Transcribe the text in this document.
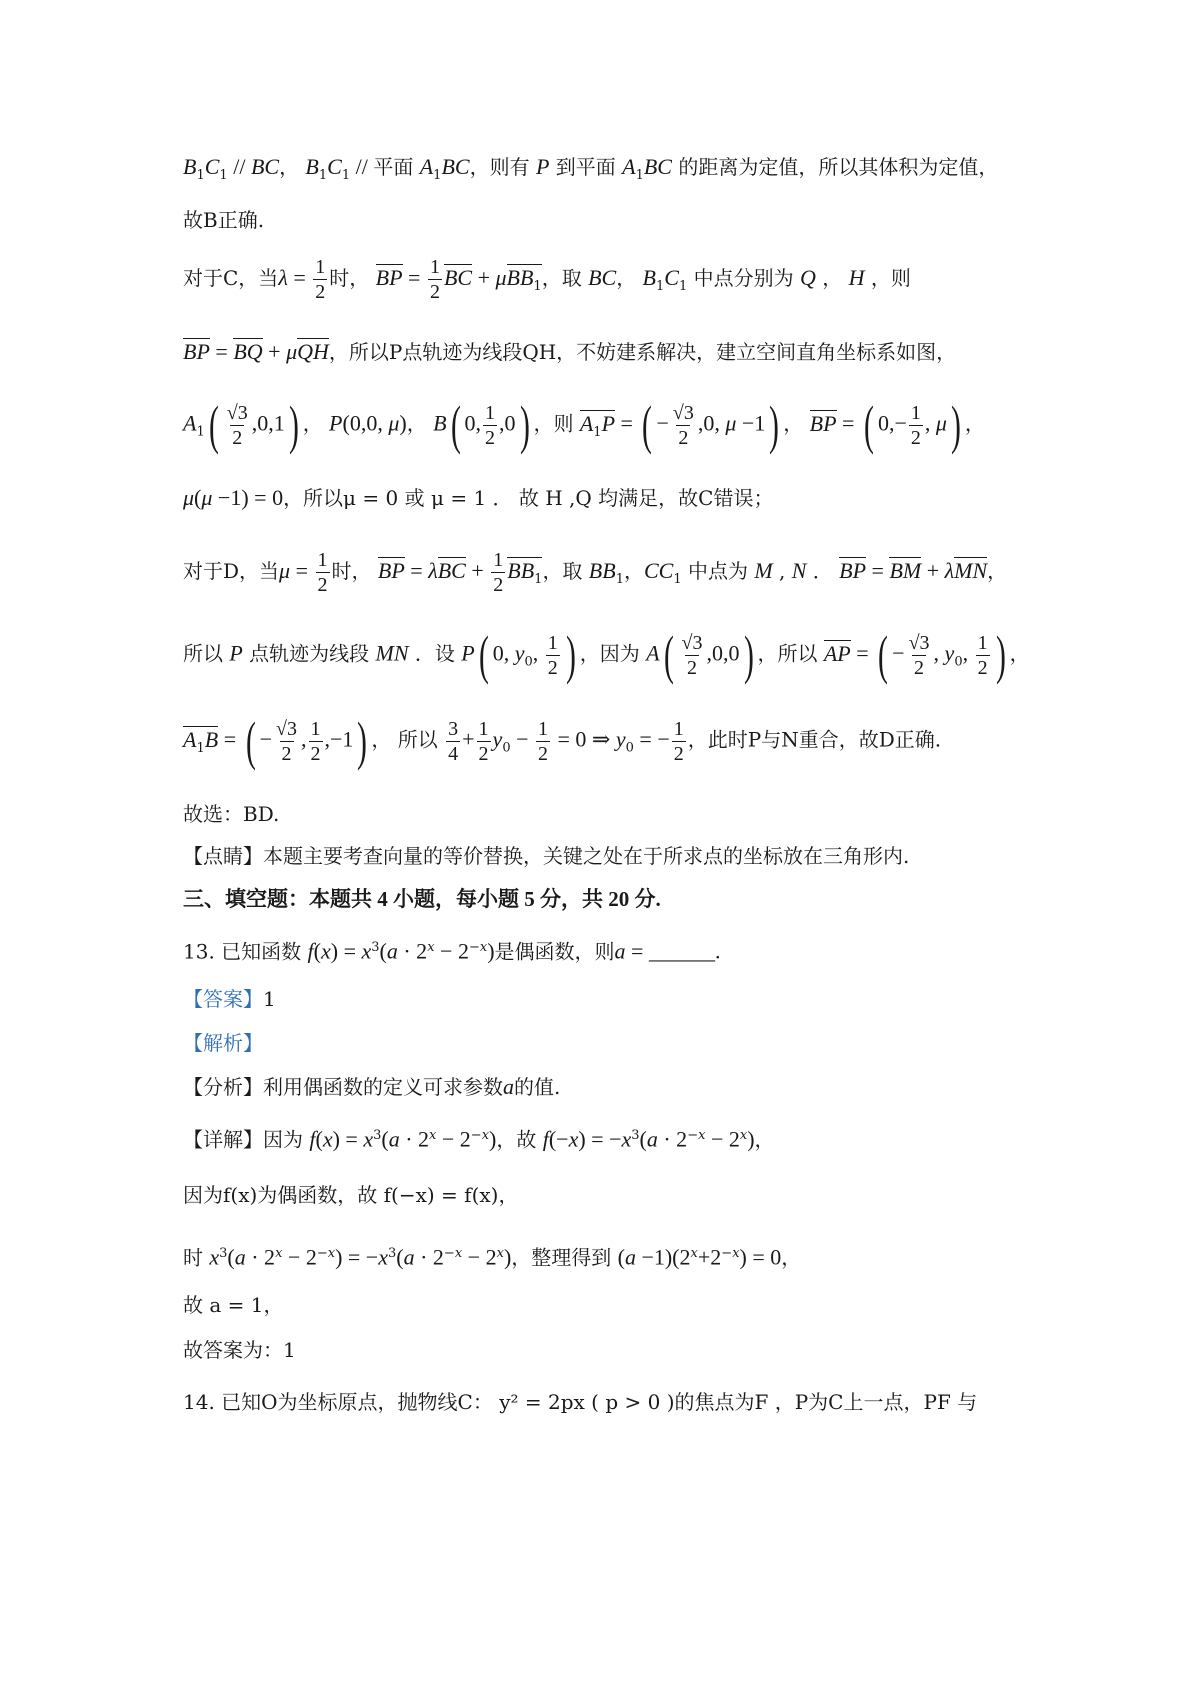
$B_1C_1$ // BC， $B_1C_1$ // 平面 $A_1BC$，则有 P 到平面 $A_1BC$ 的距离为定值，所以其体积为定值，
故B正确.
对于C，当$\lambda = \frac{1}{2}$ 时， BP = $\frac{1}{2}$ BC + μBB$_1$，取 BC， $B_1C_1$ 中点分别为 Q ， H ，则
BP = BQ + μQH，所以P点轨迹为线段QH，不妨建系解决，建立空间直角坐标系如图，
$A_1( \frac{√3}{2} ,0,1)$ ， P(0,0, μ)， B( 0, $\frac{1}{2} ,0$) ，则 $A_1P$ = ( − $\frac{√3}{2} ,0$, μ −1) ， BP = ( $0,- \frac{1}{2}$ , μ) ，
μ(μ −1) = 0，所以μ = 0 或 μ = 1 ． 故 H ,Q 均满足，故C错误；
对于D，当$\mu = \frac{1}{2}$ 时， BP = $\lambda BC + \frac{1}{2} BB_1$，取 $BB_1$，$CC_1$ 中点为 M , N ． BP = BM + λMN，
所以 P 点轨迹为线段 MN ．设 P( 0, $y_0$, $\frac{1}{2}$ ) ，因为 $A( \frac{√3}{2} ,0,0)$ ，所以 AP = ( − $\frac{√3}{2}$ , $y_0$, $\frac{1}{2}$ ) ，
$A_1B$ = ( − $\frac{√3}{2}$ , $\frac{1}{2} ,-1$) ， 所以 $\frac{3}{4} + \frac{1}{2} y_0 - \frac{1}{2} = 0$ ⇒ $y_0$ = − $\frac{1}{2}$ ，此时P与N重合，故D正确.
故选：BD.
【点睛】本题主要考查向量的等价替换，关键之处在于所求点的坐标放在三角形内.
三、填空题：本题共 4 小题，每小题 5 分，共 20 分.
13. 已知函数 $f(x) = x^3(a \cdot 2^x - 2^{-x})$是偶函数，则a = ______.
【答案】1
【解析】
【分析】利用偶函数的定义可求参数a的值.
【详解】因为 $f(x) = x^3(a \cdot 2^x - 2^{-x})$，故 $f(-x) = -x^3(a \cdot 2^{-x} - 2^x)$，
因为f(x)为偶函数，故 f(−x) = f(x)，
时 $x^3(a \cdot 2^x - 2^{-x}) = -x^3(a \cdot 2^{-x} - 2^x)$，整理得到 $(a -1)(2^x+2^{-x}) = 0$，
故 a = 1，
故答案为：1
14. 已知O为坐标原点，抛物线C： y² = 2px ( p > 0 )的焦点为F ，P为C上一点，PF 与
